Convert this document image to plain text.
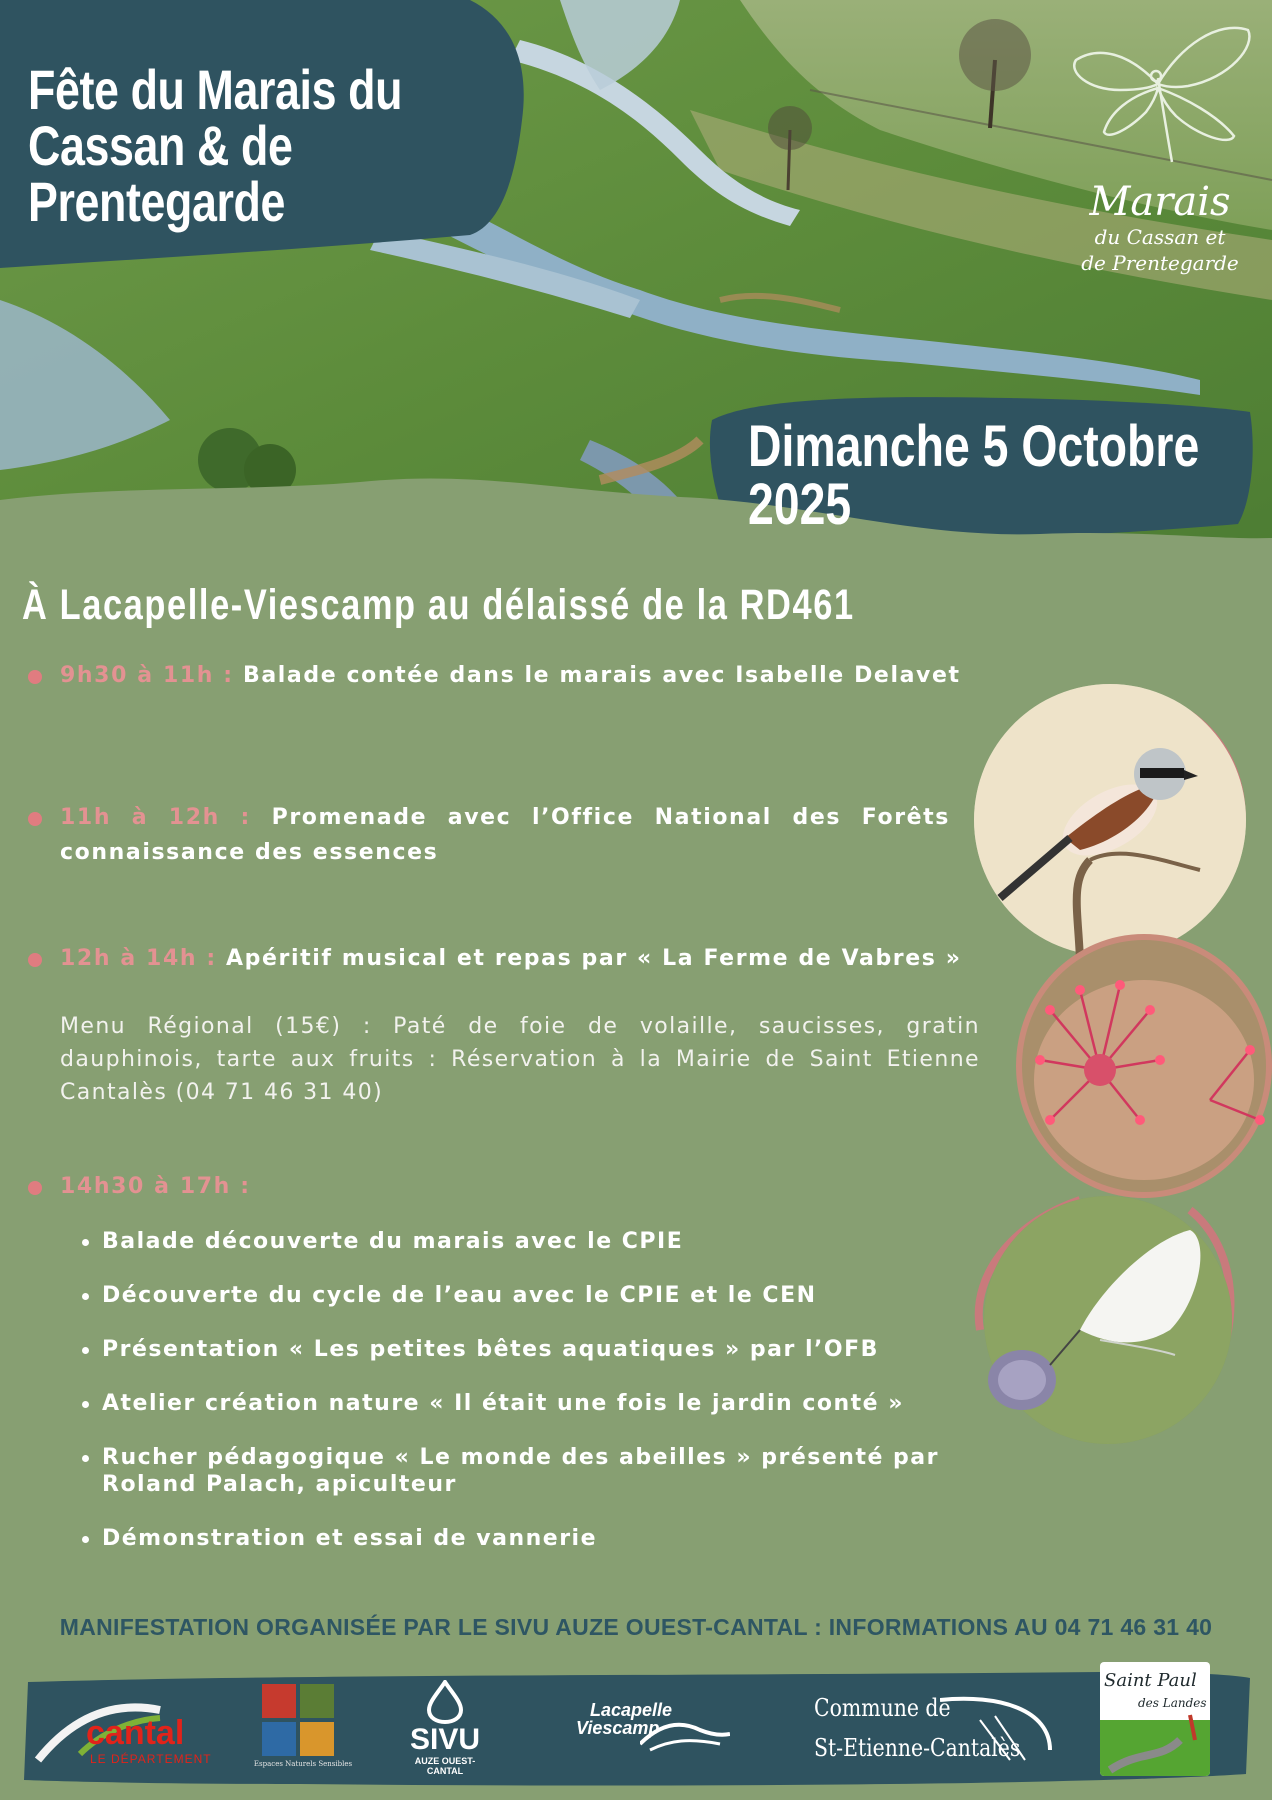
Fête du Marais du
Cassan & de
Prentegarde	Marais
du Cassan et
de Prentegarde
Dimanche 5 Octobre
2025
À Lacapelle-Viescamp au délaissé de la RD461
9h30 à 11h : Balade contée dans le marais avec Isabelle Delavet
11h à 12h : Promenade avec l’Office National des Forêts connaissance des essences
12h à 14h : Apéritif musical et repas par « La Ferme de Vabres »
Menu Régional (15€) : Paté de foie de volaille, saucisses, gratin dauphinois, tarte aux fruits : Réservation à la Mairie de Saint Etienne Cantalès (04 71 46 31 40)
14h30 à 17h :
Balade découverte du marais avec le CPIE
Découverte du cycle de l’eau avec le CPIE et le CEN
Présentation « Les petites bêtes aquatiques » par l’OFB
Atelier création nature « Il était une fois le jardin conté »
Rucher pédagogique « Le monde des abeilles » présenté par Roland Palach, apiculteur
Démonstration et essai de vannerie
MANIFESTATION ORGANISÉE PAR LE SIVU AUZE OUEST-CANTAL : INFORMATIONS AU 04 71 46 31 40
cantal
LE DÉPARTEMENT	Espaces Naturels Sensibles
SIVU
AUZE OUEST-CANTAL
Lacapelle
Viescamp
Commune de
St-Etienne-Cantalès
Saint Paul
des Landes
